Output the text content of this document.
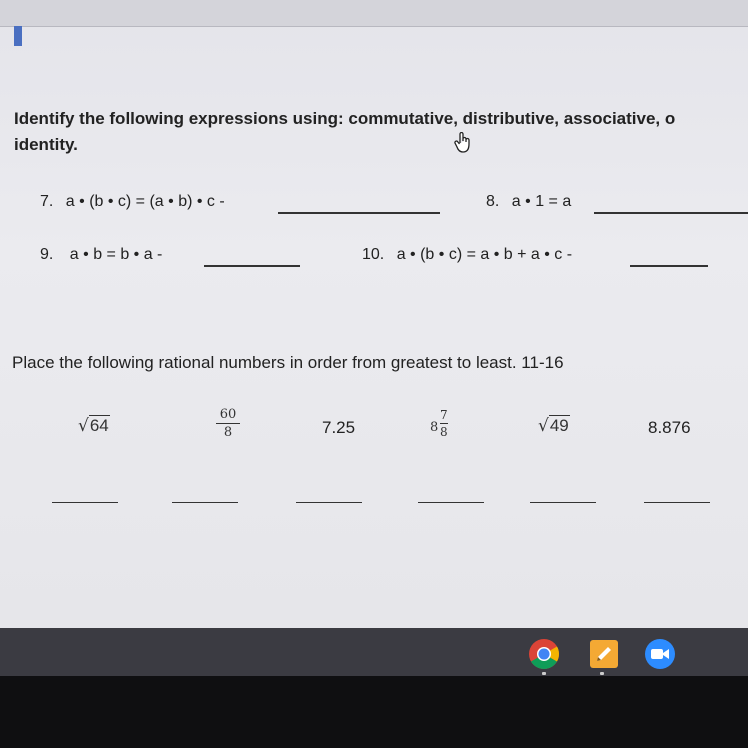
Identify the following expressions using: commutative, distributive, associative, o
identity.
7. a • (b • c) = (a • b) • c -	8. a • 1 = a
9. a • b = b • a -	10. a • (b • c) = a • b + a • c -
Place the following rational numbers in order from greatest to least. 11-16
√64
60
8	7.25	8
7
8	√49	8.876
